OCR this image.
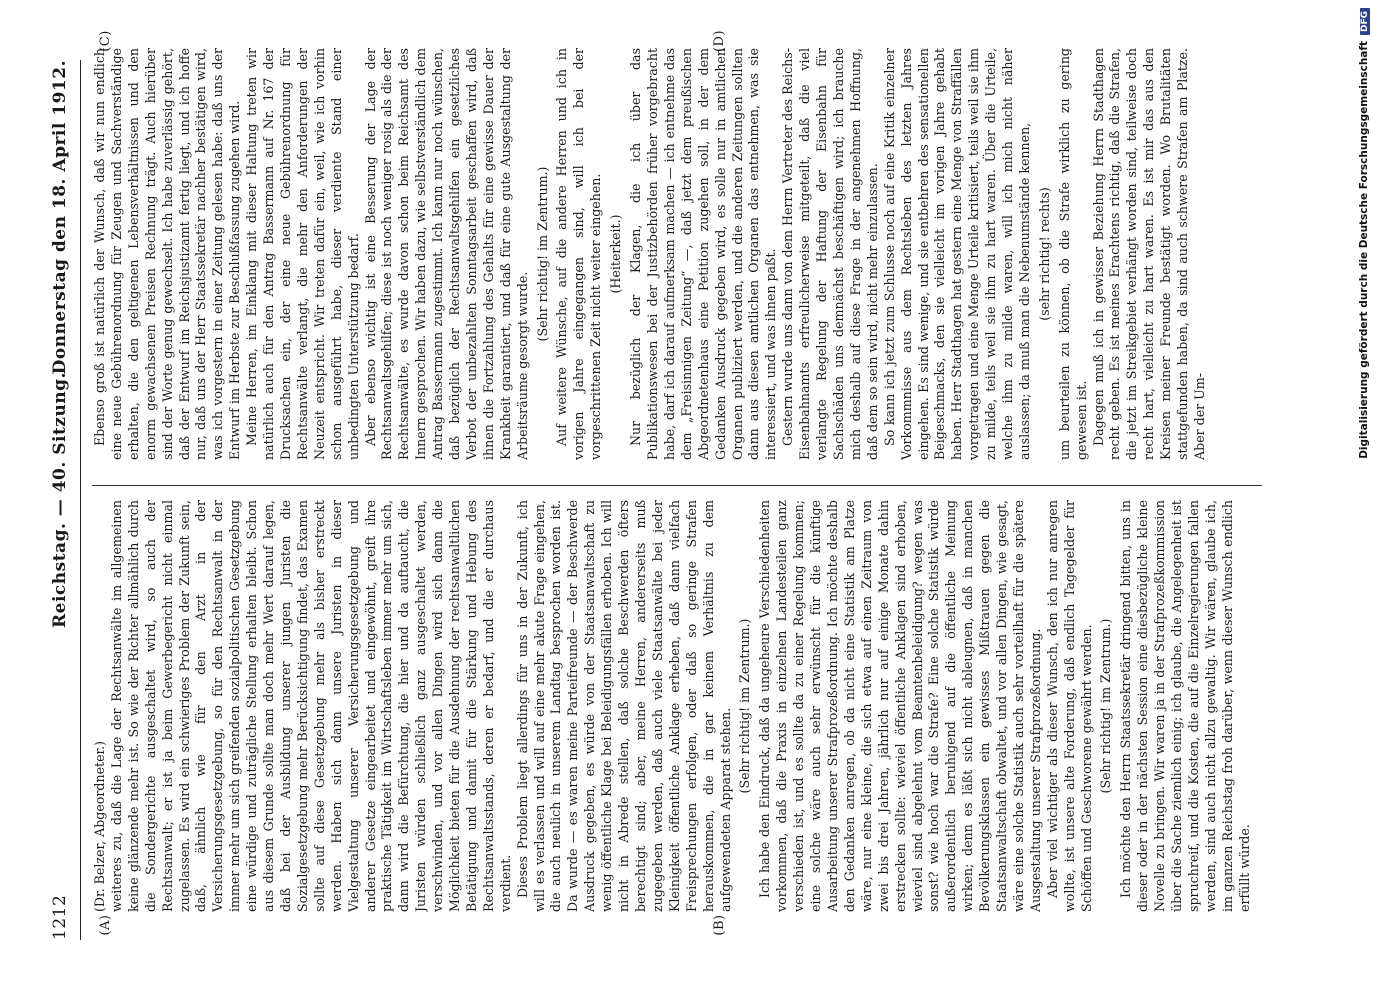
1212
Reichstag. — 40. Sitzung.
Donnerstag den 18. April 1912.
(A)	(B)
(C)	(D)

(Dr. Belzer, Abgeordneter.) weiteres zu, daß die Lage der Rechtsanwälte im allgemeinen keine glänzende mehr ist. So wie der Richter allmählich durch die Sondergerichte ausgeschaltet wird, so auch der Rechtsanwalt; er ist ja beim Gewerbegericht nicht einmal zugelassen. Es wird ein schwieriges Problem der Zukunft sein, daß, ähnlich wie für den Arzt in der Versicherungsgesetzgebung, so für den Rechtsanwalt in der immer mehr um sich greifenden sozialpolitischen Gesetzgebung eine würdige und zuträgliche Stellung erhalten bleibt. Schon aus diesem Grunde sollte man doch mehr Wert darauf legen, daß bei der Ausbildung unserer jungen Juristen die Sozialgesetzgebung mehr Berücksichtigung findet, das Examen sollte auf diese Gesetzgebung mehr als bisher erstreckt werden. Haben sich dann unsere Juristen in dieser Vielgestaltung unserer Versicherungsgesetzgebung und anderer Gesetze eingearbeitet und eingewöhnt, greift ihre praktische Tätigkeit im Wirtschaftsleben immer mehr um sich, dann wird die Befürchtung, die hier und da auftaucht, die Juristen würden schließlich ganz ausgeschaltet werden, verschwinden, und vor allen Dingen wird sich dann die Möglichkeit bieten für die Ausdehnung der rechtsanwaltlichen Betätigung und damit für die Stärkung und Hebung des Rechtsanwaltsstands, deren er bedarf, und die er durchaus verdient. Dieses Problem liegt allerdings für uns in der Zukunft, ich will es verlassen und will auf eine mehr akute Frage eingehen, die auch neulich in unserem Landtag besprochen worden ist. Da wurde — es waren meine Parteifreunde — der Beschwerde Ausdruck gegeben, es würde von der Staatsanwaltschaft zu wenig öffentliche Klage bei Beleidigungsfällen erhoben. Ich will nicht in Abrede stellen, daß solche Beschwerden öfters berechtigt sind; aber, meine Herren, andererseits muß zugegeben werden, daß auch viele Staatsanwälte bei jeder Kleinigkeit öffentliche Anklage erheben, daß dann vielfach Freisprechungen erfolgen, oder daß so geringe Strafen herauskommen, die in gar keinem Verhältnis zu dem aufgewendeten Apparat stehen.

(Sehr richtig! im Zentrum.) Ich habe den Eindruck, daß da ungeheure Verschiedenheiten vorkommen, daß die Praxis in einzelnen Landesteilen ganz verschieden ist, und es sollte da zu einer Regelung kommen; eine solche wäre auch sehr erwünscht für die künftige Ausarbeitung unserer Strafprozeßordnung. Ich möchte deshalb den Gedanken anregen, ob da nicht eine Statistik am Platze wäre, nur eine kleine, die sich etwa auf einen Zeitraum von zwei bis drei Jahren, jährlich nur auf einige Monate dahin erstrecken sollte: wieviel öffentliche Anklagen sind erhoben, wieviel sind abgelehnt vom Beamtenbeleidigung? wegen was sonst? wie hoch war die Strafe? Eine solche Statistik würde außerordentlich beruhigend auf die öffentliche Meinung wirken; denn es läßt sich nicht ableugnen, daß in manchen Bevölkerungsklassen ein gewisses Mißtrauen gegen die Staatsanwaltschaft obwaltet, und vor allen Dingen, wie gesagt, wäre eine solche Statistik auch sehr vorteilhaft für die spätere Ausgestaltung unserer Strafprozeßordnung. Aber viel wichtiger als dieser Wunsch, den ich nur anregen wollte, ist unsere alte Forderung, daß endlich Tagegelder für Schöffen und Geschworene gewährt werden. (Sehr richtig! im Zentrum.) Ich möchte den Herrn Staatssekretär dringend bitten, uns in dieser oder in der nächsten Session eine diesbezügliche kleine Novelle zu bringen. Wir waren ja in der Strafprozeßkommission über die Sache ziemlich einig; ich glaube, die Angelegenheit ist spruchreif, und die Kosten, die auf die Einzelregierungen fallen werden, sind auch nicht allzu gewaltig. Wir wären, glaube ich, im ganzen Reichstag froh darüber, wenn dieser Wunsch endlich erfüllt würde.

Ebenso groß ist natürlich der Wunsch, daß wir nun endlich eine neue Gebührenordnung für Zeugen und Sachverständige erhalten, die den geltigenen Lebensverhältnissen und den enorm gewachsenen Preisen Rechnung trägt. Auch hierüber sind der Worte genug gewechselt. Ich habe zuverlässig gehört, daß der Entwurf im Reichsjustizamt fertig liegt, und ich hoffe nur, daß uns der Herr Staatssekretär nachher bestätigen wird, was ich vorgestern in einer Zeitung gelesen habe: daß uns der Entwurf im Herbste zur Beschlußfassung zugehen wird. Meine Herren, im Einklang mit dieser Haltung treten wir natürlich auch für den Antrag Bassermann auf Nr. 167 der Drucksachen ein, der eine neue Gebührenordnung für Rechtsanwälte verlangt, die mehr den Anforderungen der Neuzeit entspricht. Wir treten dafür ein, weil, wie ich vorhin schon ausgeführt habe, dieser verdiente Stand einer unbedingten Unterstützung bedarf. Aber ebenso wichtig ist eine Besserung der Lage der Rechtsanwaltsgehilfen; diese ist noch weniger rosig als die der Rechtsanwälte, es wurde davon schon beim Reichsamt des Innern gesprochen. Wir haben dazu, wie selbstverständlich dem Antrag Bassermann zugestimmt. Ich kann nur noch wünschen, daß bezüglich der Rechtsanwaltsgehilfen ein gesetzliches Verbot der unbezahlten Sonntagsarbeit geschaffen wird, daß ihnen die Fortzahlung des Gehalts für eine gewisse Dauer der Krankheit garantiert, und daß für eine gute Ausgestaltung der Arbeitsräume gesorgt wurde.

(Sehr richtig! im Zentrum.) Auf weitere Wünsche, auf die andere Herren und ich in vorigen Jahre eingegangen sind, will ich bei der vorgeschrittenen Zeit nicht weiter eingehen. (Heiterkeit.) Nur bezüglich der Klagen, die ich über das Publikationswesen bei der Justizbehörden früher vorgebracht habe, darf ich darauf aufmerksam machen — ich entnehme das dem „Freisinnigen Zeitung“ —, daß jetzt dem preußischen Abgeordnetenhaus eine Petition zugehen soll, in der dem Gedanken Ausdruck gegeben wird, es solle nur in amtlichen Organen publiziert werden, und die anderen Zeitungen sollten dann aus diesen amtlichen Organen das entnehmen, was sie interessiert, und was ihnen paßt. Gestern wurde uns dann von dem Herrn Vertreter des Reichs-Eisenbahnamts erfreulicherweise mitgeteilt, daß die viel verlangte Regelung der Haftung der Eisenbahn für Sachschäden uns demnächst beschäftigen wird; ich brauche mich deshalb auf diese Frage in der angenehmen Hoffnung, daß dem so sein wird, nicht mehr einzulassen. So kann ich jetzt zum Schlusse noch auf eine Kritik einzelner Vorkommnisse aus dem Rechtsleben des letzten Jahres eingehen. Es sind wenige, und sie entbehren des sensationellen Beigeschmacks, den sie vielleicht im vorigen Jahre gehabt haben. Herr Stadthagen hat gestern eine Menge von Straffällen vorgetragen und eine Menge Urteile kritisiert, teils weil sie ihm zu milde, teils weil sie ihm zu hart waren. Über die Urteile, welche ihm zu milde waren, will ich mich nicht näher auslassen; da muß man die Nebenumstände kennen, (sehr richtig! rechts) um beurteilen zu können, ob die Strafe wirklich zu gering gewesen ist. Dagegen muß ich in gewisser Beziehung Herrn Stadthagen recht geben. Es ist meines Erachtens richtig, daß die Strafen, die jetzt im Streikgebiet verhängt worden sind, teilweise doch recht hart, vielleicht zu hart waren. Es ist mir das aus den Kreisen meiner Freunde bestätigt worden. Wo Brutalitäten stattgefunden haben, da sind auch schwere Strafen am Platze. Aber der Um-	Digitalisierung gefördert durch die Deutsche ForschungsgemeinschaftDFG
